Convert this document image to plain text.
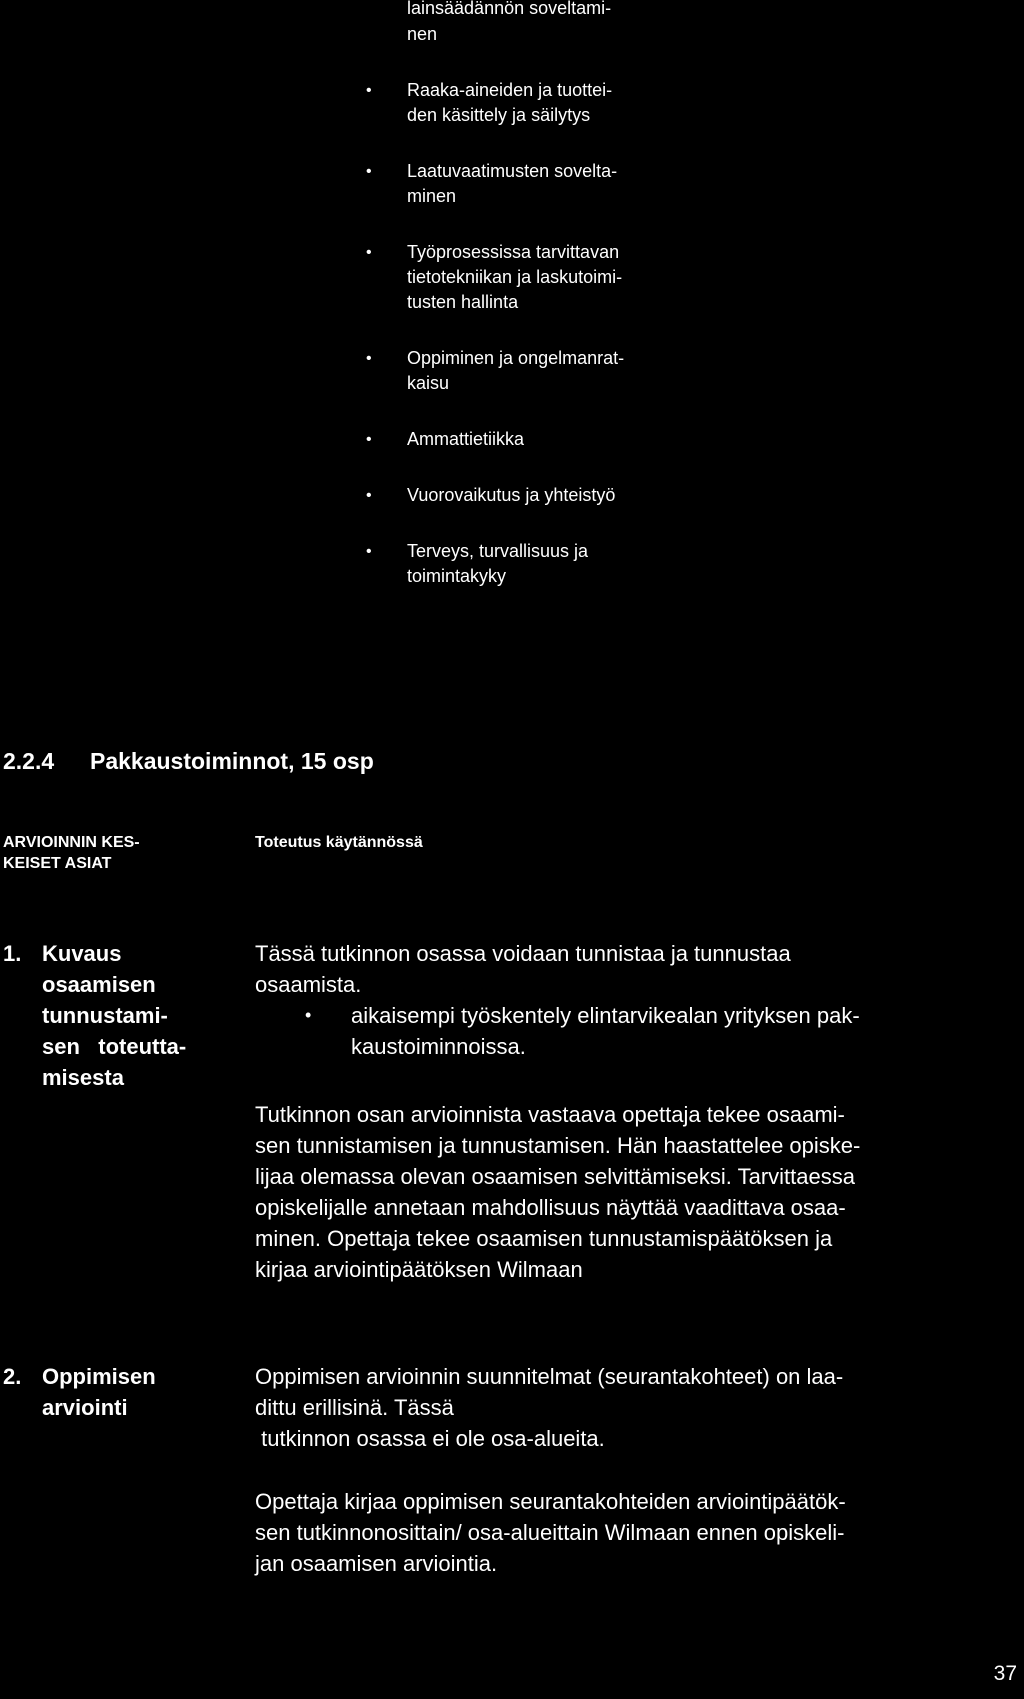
lainsäädännön soveltami-
nen
• Raaka-aineiden ja tuottei-
den käsittely ja säilytys
• Laatuvaatimusten sovelta-
minen
• Työprosessissa tarvittavan
tietotekniikan ja laskutoimi-
tusten hallinta
• Oppiminen ja ongelmanrat-
kaisu
• Ammattietiikka
• Vuorovaikutus ja yhteistyö
• Terveys, turvallisuus ja
toimintakyky
2.2.4 Pakkaustoiminnot, 15 osp
ARVIOINNIN KES-
KEISET ASIAT
Toteutus käytännössä
1. Kuvaus
osaamisen
tunnustami-
sen   toteutta-
misesta

Tässä tutkinnon osassa voidaan tunnistaa ja tunnustaa

osaamista.

• aikaisempi työskentely elintarvikealan yrityksen pak-
kaustoiminnoissa.

Tutkinnon osan arvioinnista vastaava opettaja tekee osaami-

sen tunnistamisen ja tunnustamisen. Hän haastattelee opiske-

lijaa olemassa olevan osaamisen selvittämiseksi. Tarvittaessa

opiskelijalle annetaan mahdollisuus näyttää vaadittava osaa-

minen. Opettaja tekee osaamisen tunnustamispäätöksen ja

kirjaa arviointipäätöksen Wilmaan

2. Oppimisen
arviointi

Oppimisen arvioinnin suunnitelmat (seurantakohteet) on laa-

dittu erillisinä. Tässä

tutkinnon osassa ei ole osa-alueita.

Opettaja kirjaa oppimisen seurantakohteiden arviointipäätök-

sen tutkinnonosittain/ osa-alueittain Wilmaan ennen opiskeli-

jan osaamisen arviointia.

37
